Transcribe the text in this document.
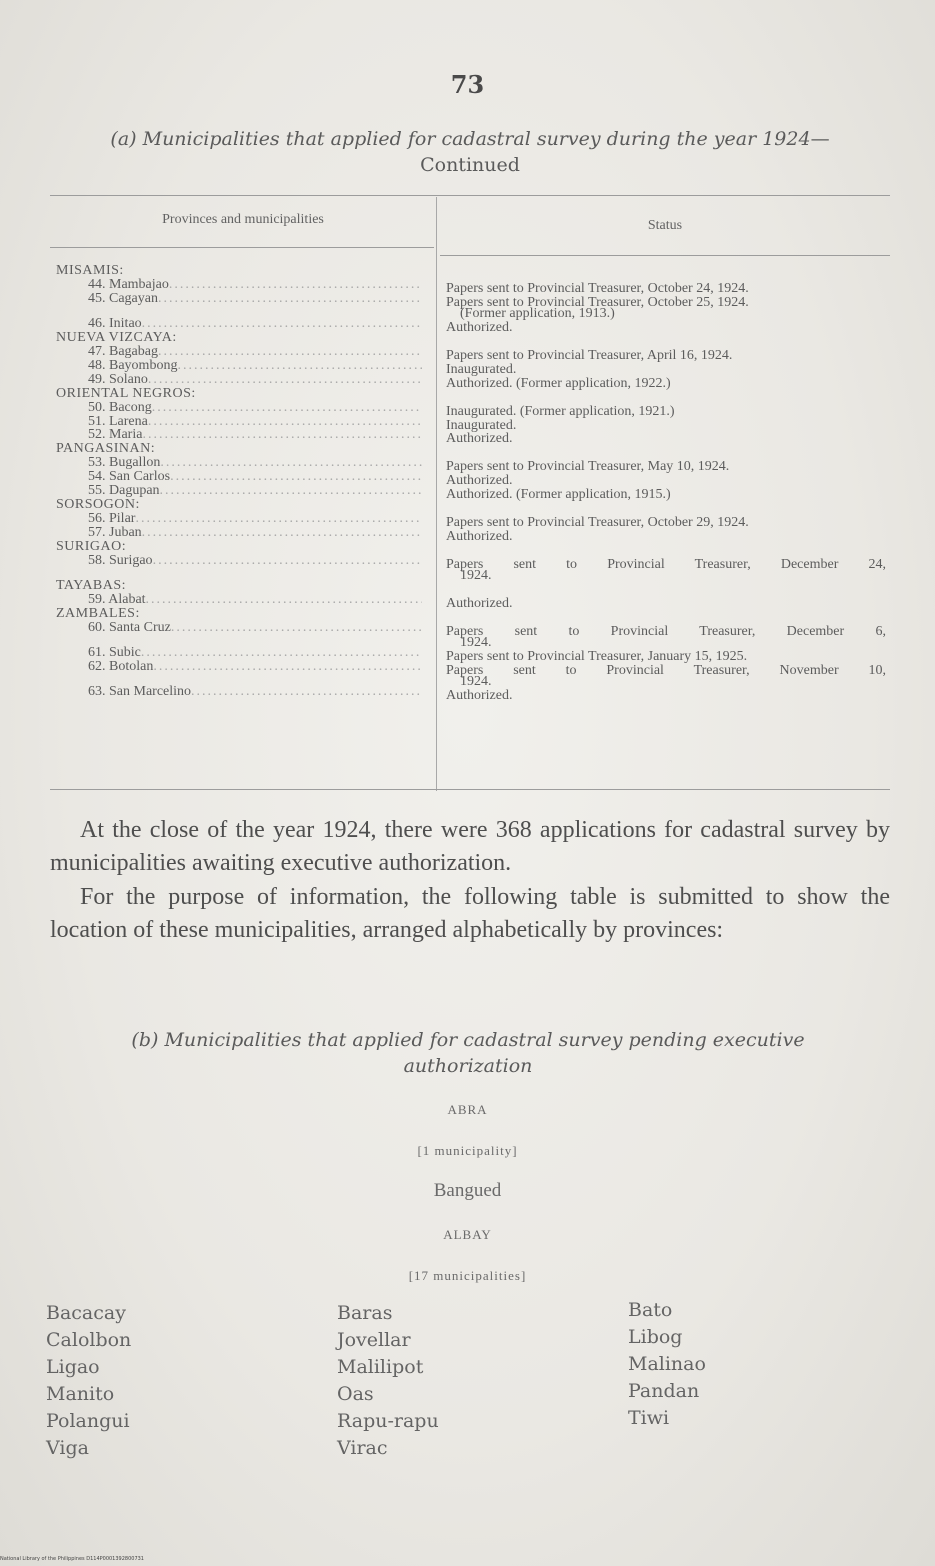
73
(a) Municipalities that applied for cadastral survey during the year 1924—Continued
Provinces and municipalities	Status
MISAMIS:
44. Mambajao .....	Papers sent to Provincial Treasurer, October 24, 1924.
45. Cagayan .....	Papers sent to Provincial Treasurer, October 25, 1924.
(Former application, 1913.)
46. Initao .....	Authorized.
NUEVA VIZCAYA:
47. Bagabag .....	Papers sent to Provincial Treasurer, April 16, 1924.
48. Bayombong .....	Inaugurated.
49. Solano .....	Authorized. (Former application, 1922.)
ORIENTAL NEGROS:
50. Bacong .....	Inaugurated. (Former application, 1921.)
51. Larena .....	Inaugurated.
52. Maria .....	Authorized.
PANGASINAN:
53. Bugallon .....	Papers sent to Provincial Treasurer, May 10, 1924.
54. San Carlos .....	Authorized.
55. Dagupan .....	Authorized. (Former application, 1915.)
SORSOGON:
56. Pilar .....	Papers sent to Provincial Treasurer, October 29, 1924.
57. Juban .....	Authorized.
SURIGAO:
58. Surigao .....	Papers sent to Provincial Treasurer, December 24,
1924.
TAYABAS:
59. Alabat .....	Authorized.
ZAMBALES:
60. Santa Cruz .....	Papers sent to Provincial Treasurer, December 6,
1924.
61. Subic .....	Papers sent to Provincial Treasurer, January 15, 1925.
62. Botolan .....	Papers sent to Provincial Treasurer, November 10,
1924.
63. San Marcelino .....	Authorized.

At the close of the year 1924, there were 368 applications for cadastral survey by municipalities awaiting executive authorization.

For the purpose of information, the following table is submitted to show the location of these municipalities, arranged alphabetically by provinces:

(b) Municipalities that applied for cadastral survey pending executive authorization
ABRA
[1 municipality]
Bangued
ALBAY
[17 municipalities]
Bacacay
Calolbon
Ligao
Manito
Polangui
Viga
Baras
Jovellar
Malilipot
Oas
Rapu-rapu
Virac
Bato
Libog
Malinao
Pandan
Tiwi
National Library of the Philippines D114P0001392800731
